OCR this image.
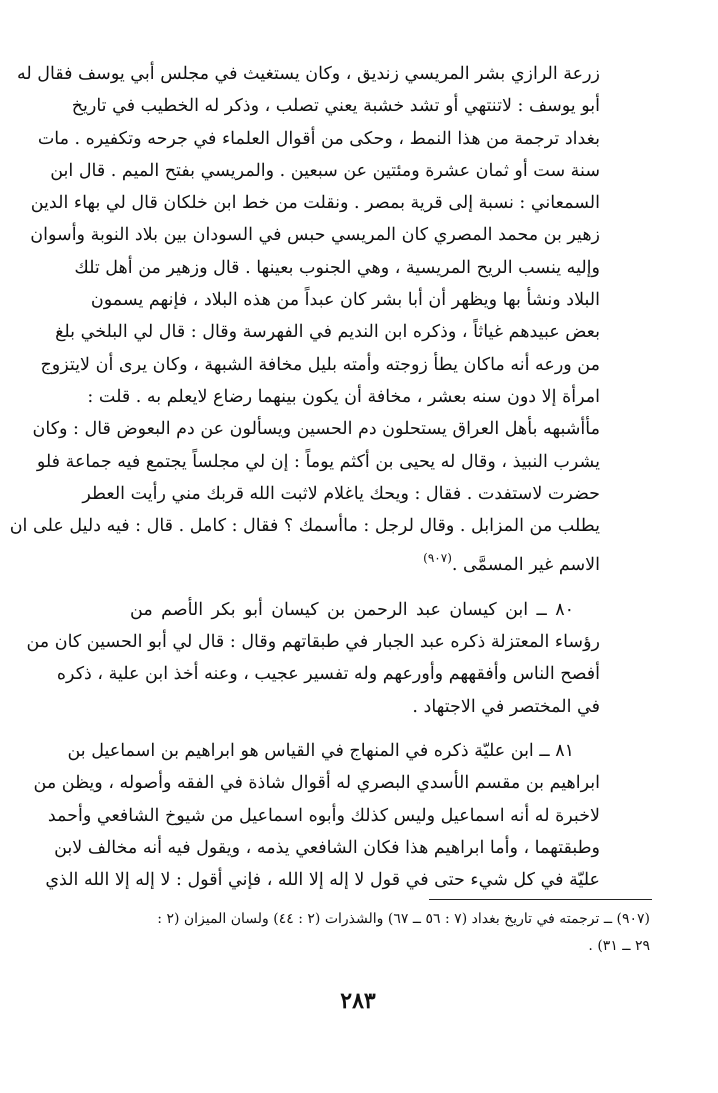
زرعة الرازي بشر المريسي زنديق ، وكان يستغيث في مجلس أبي يوسف فقال له
أبو يوسف : لاتنتهي أو تشد خشبة يعني تصلب ، وذكر له الخطيب في تاريخ
بغداد ترجمة من هذا النمط ، وحكى من أقوال العلماء في جرحه وتكفيره . مات
سنة ست أو ثمان عشرة ومئتين عن سبعين . والمريسي بفتح الميم . قال ابن
السمعاني : نسبة إلى قرية بمصر . ونقلت من خط ابن خلكان قال لي بهاء الدين
زهير بن محمد المصري كان المريسي حبس في السودان بين بلاد النوبة وأسوان
وإليه ينسب الريح المريسية ، وهي الجنوب بعينها . قال وزهير من أهل تلك
البلاد ونشأ بها ويظهر أن أبا بشر كان عبداً من هذه البلاد ، فإنهم يسمون
بعض عبيدهم غياثاً ، وذكره ابن النديم في الفهرسة وقال : قال لي البلخي بلغ
من ورعه أنه ماكان يطأ زوجته وأمته بليل مخافة الشبهة ، وكان يرى أن لايتزوج
امرأة إلا دون سنه بعشر ، مخافة أن يكون بينهما رضاع لايعلم به . قلت :
مأأشبهه بأهل العراق يستحلون دم الحسين ويسألون عن دم البعوض قال : وكان
يشرب النبيذ ، وقال له يحيى بن أكثم يوماً : إن لي مجلساً يجتمع فيه جماعة فلو
حضرت لاستفدت . فقال : ويحك ياغلام لاثبت الله قربك مني رأيت العطر
يطلب من المزابل . وقال لرجل : ماأسمك ؟ فقال : كامل . قال : فيه دليل على ان
الاسم غير المسمَّى .$^{(٩٠٧)}$
٨٠ ــ ابن كيسان عبد الرحمن بن كيسان أبو بكر الأصم من
رؤساء المعتزلة ذكره عبد الجبار في طبقاتهم وقال : قال لي أبو الحسين كان من
أفصح الناس وأفقههم وأورعهم وله تفسير عجيب ، وعنه أخذ ابن علية ، ذكره
في المختصر في الاجتهاد .
٨١ ــ ابن عليّة ذكره في المنهاج في القياس هو ابراهيم بن اسماعيل بن
ابراهيم بن مقسم الأسدي البصري له أقوال شاذة في الفقه وأصوله ، ويظن من
لاخبرة له أنه اسماعيل وليس كذلك وأبوه اسماعيل من شيوخ الشافعي وأحمد
وطبقتهما ، وأما ابراهيم هذا فكان الشافعي يذمه ، ويقول فيه أنه مخالف لابن
عليّة في كل شيء حتى في قول لا إله إلا الله ، فإني أقول : لا إله إلا الله الذي
(٩٠٧) ــ ترجمته في تاريخ بغداد (٧ : ٥٦ ــ ٦٧) والشذرات (٢ : ٤٤) ولسان الميزان (٢ :
٢٩ ــ ٣١) .
٢٨٣
